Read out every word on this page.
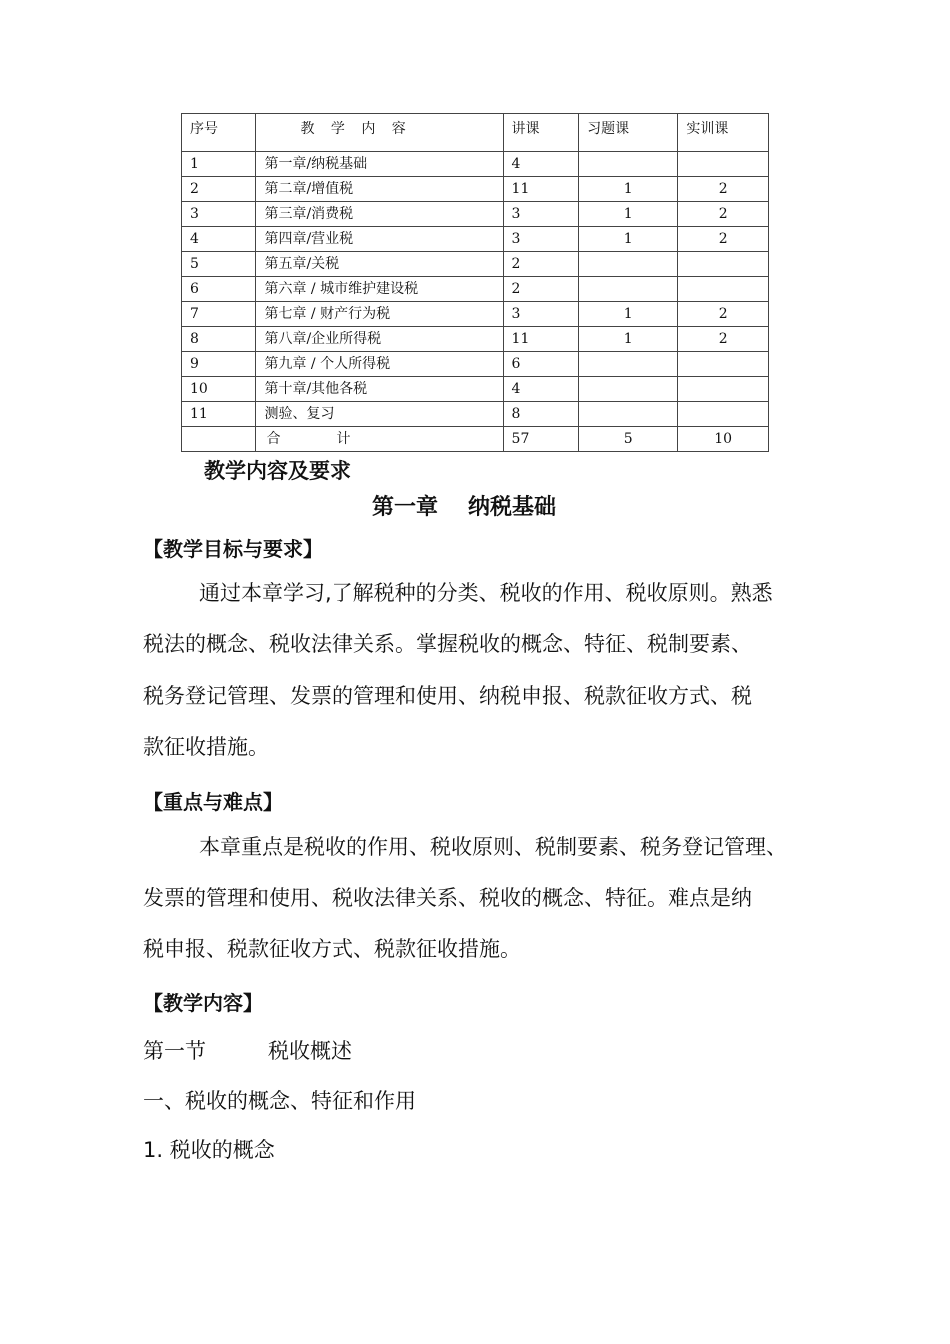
序号	教 学 内 容	讲课	习题课	实训课
1	第一章/纳税基础	4		
2	第二章/增值税	11	1	2
3	第三章/消费税	3	1	2
4	第四章/营业税	3	1	2
5	第五章/关税	2		
6	第六章 / 城市维护建设税	2		
7	第七章 / 财产行为税	3	1	2
8	第八章/企业所得税	11	1	2
9	第九章 / 个人所得税	6		
10	第十章/其他各税	4		
11	测验、复习	8		
	合　　　　计	57	5	10
教学内容及要求
第一章 纳税基础
【教学目标与要求】
通过本章学习,了解税种的分类、税收的作用、税收原则。熟悉
税法的概念、税收法律关系。掌握税收的概念、特征、税制要素、
税务登记管理、发票的管理和使用、纳税申报、税款征收方式、税
款征收措施。
【重点与难点】
本章重点是税收的作用、税收原则、税制要素、税务登记管理、
发票的管理和使用、税收法律关系、税收的概念、特征。难点是纳
税申报、税款征收方式、税款征收措施。
【教学内容】
第一节	税收概述
一、税收的概念、特征和作用
1. 税收的概念
